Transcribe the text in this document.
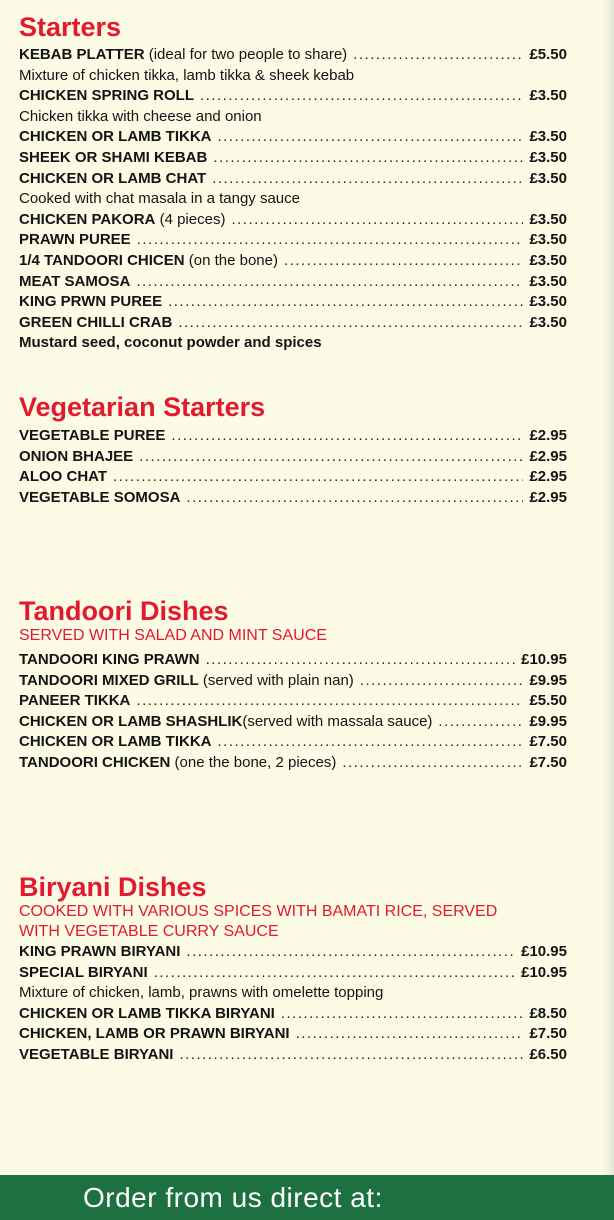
Starters
KEBAB PLATTER (ideal for two people to share) .....	£5.50
Mixture of chicken tikka, lamb tikka & sheek kebab
CHICKEN SPRING ROLL .....	£3.50
Chicken tikka with cheese and onion
CHICKEN OR LAMB TIKKA .....	£3.50
SHEEK OR SHAMI KEBAB .....	£3.50
CHICKEN OR LAMB CHAT .....	£3.50
Cooked with chat masala in a tangy sauce
CHICKEN PAKORA (4 pieces) .....	£3.50
PRAWN PUREE .....	£3.50
1/4 TANDOORI CHICEN (on the bone) .....	£3.50
MEAT SAMOSA .....	£3.50
KING PRWN PUREE .....	£3.50
GREEN CHILLI CRAB .....	£3.50
Mustard seed, coconut powder and spices
Vegetarian Starters
VEGETABLE PUREE .....	£2.95
ONION BHAJEE .....	£2.95
ALOO CHAT .....	£2.95
VEGETABLE SOMOSA .....	£2.95
Tandoori Dishes

SERVED WITH SALAD AND MINT SAUCE

TANDOORI KING PRAWN .....	£10.95
TANDOORI MIXED GRILL (served with plain nan) .....	£9.95
PANEER TIKKA .....	£5.50
CHICKEN OR LAMB SHASHLIK (served with massala sauce) .....	£9.95
CHICKEN OR LAMB TIKKA .....	£7.50
TANDOORI CHICKEN (one the bone, 2 pieces) .....	£7.50
Biryani Dishes

COOKED WITH VARIOUS SPICES WITH BAMATI RICE, SERVED

WITH VEGETABLE CURRY SAUCE

KING PRAWN BIRYANI .....	£10.95
SPECIAL BIRYANI .....	£10.95
Mixture of chicken, lamb, prawns with omelette topping
CHICKEN OR LAMB TIKKA BIRYANI .....	£8.50
CHICKEN, LAMB OR PRAWN BIRYANI .....	£7.50
VEGETABLE BIRYANI .....	£6.50
Order from us direct at:
